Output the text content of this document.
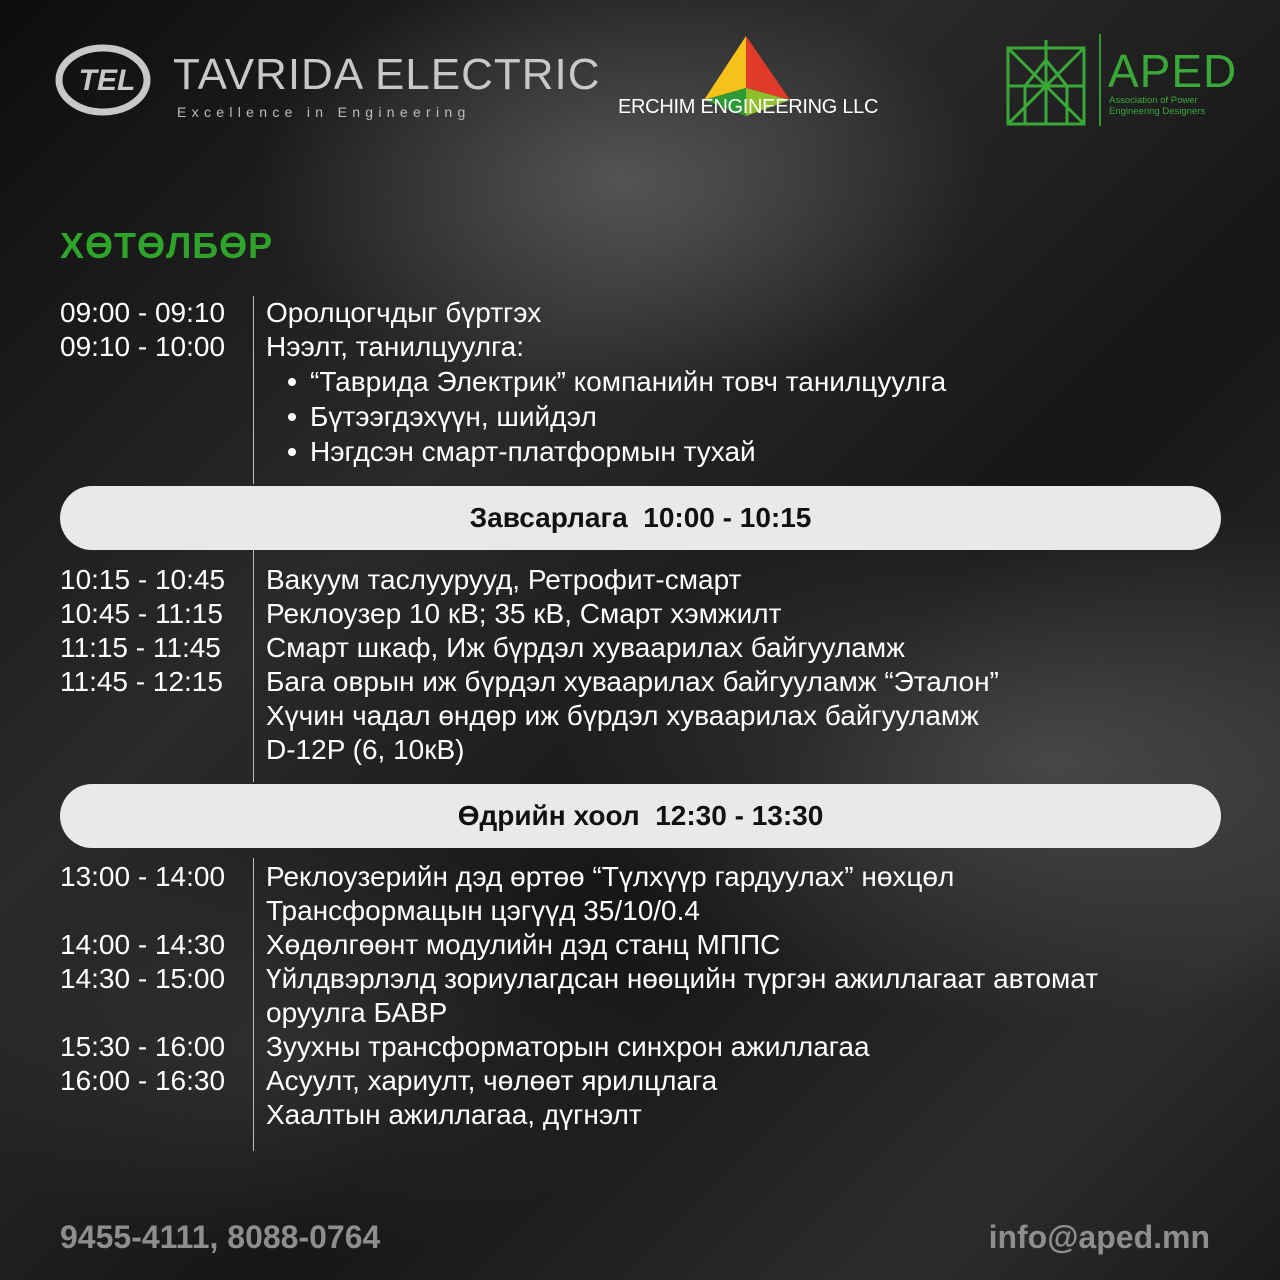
TEL TAVRIDA ELECTRIC
Excellence in Engineering	ERCHIM ENGINEERING LLC
APED
Association of Power
Engineering Designers
ХӨТӨЛБӨР
09:00 - 09:10	Оролцогчдыг бүртгэх
09:10 - 10:00	Нээлт, танилцуулга:
“Таврида Электрик” компанийн товч танилцуулга
Бүтээгдэхүүн, шийдэл
Нэгдсэн смарт-платформын тухай
Завсарлага  10:00 - 10:15
10:15 - 10:45	Вакуум таслуурууд, Ретрофит-смарт
10:45 - 11:15	Реклоузер 10 кВ; 35 кВ, Смарт хэмжилт
11:15 - 11:45	Смарт шкаф, Иж бүрдэл хуваарилах байгууламж
11:45 - 12:15	Бага оврын иж бүрдэл хуваарилах байгууламж “Эталон”
Хүчин чадал өндөр иж бүрдэл хуваарилах байгууламж
D-12P (6, 10кВ)
Өдрийн хоол  12:30 - 13:30
13:00 - 14:00	Реклоузерийн дэд өртөө “Түлхүүр гардуулах” нөхцөл
Трансформацын цэгүүд 35/10/0.4
14:00 - 14:30	Хөдөлгөөнт модулийн дэд станц МППС
14:30 - 15:00	Үйлдвэрлэлд зориулагдсан нөөцийн түргэн ажиллагаат автомат
оруулга БАВР
15:30 - 16:00	Зуухны трансформаторын синхрон ажиллагаа
16:00 - 16:30	Асуулт, хариулт, чөлөөт ярилцлага
Хаалтын ажиллагаа, дүгнэлт
9455-4111, 8088-0764	info@aped.mn
